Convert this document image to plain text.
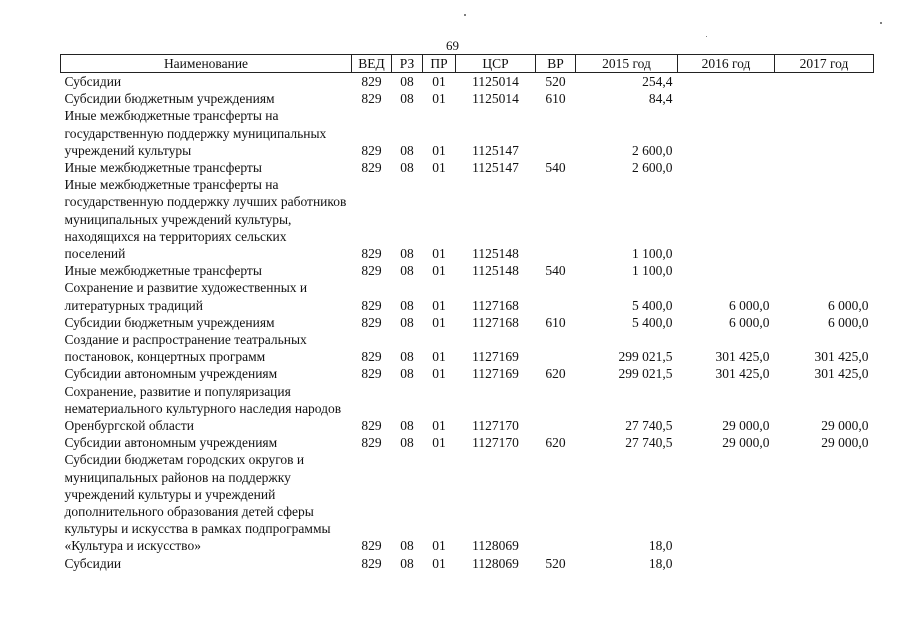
69
Наименование	ВЕД	РЗ	ПР	ЦСР	ВР	2015 год	2016 год	2017 год
Субсидии	829	08	01	1125014	520	254,4		
Субсидии бюджетным учреждениям	829	08	01	1125014	610	84,4		
Иные межбюджетные трансферты на государственную поддержку муниципальных учреждений культуры	829	08	01	1125147		2 600,0		
Иные межбюджетные трансферты	829	08	01	1125147	540	2 600,0		
Иные межбюджетные трансферты на государственную поддержку лучших работников муниципальных учреждений культуры, находящихся на территориях сельских поселений	829	08	01	1125148		1 100,0		
Иные межбюджетные трансферты	829	08	01	1125148	540	1 100,0		
Сохранение и развитие художественных и литературных традиций	829	08	01	1127168		5 400,0	6 000,0	6 000,0
Субсидии бюджетным учреждениям	829	08	01	1127168	610	5 400,0	6 000,0	6 000,0
Создание и распространение театральных постановок, концертных программ	829	08	01	1127169		299 021,5	301 425,0	301 425,0
Субсидии автономным учреждениям	829	08	01	1127169	620	299 021,5	301 425,0	301 425,0
Сохранение, развитие и популяризация нематериального культурного наследия народов Оренбургской области	829	08	01	1127170		27 740,5	29 000,0	29 000,0
Субсидии автономным учреждениям	829	08	01	1127170	620	27 740,5	29 000,0	29 000,0
Субсидии бюджетам городских округов и муниципальных районов на поддержку учреждений культуры и учреждений дополнительного образования детей сферы культуры и искусства в рамках подпрограммы «Культура и искусство»	829	08	01	1128069		18,0		
Субсидии	829	08	01	1128069	520	18,0		
